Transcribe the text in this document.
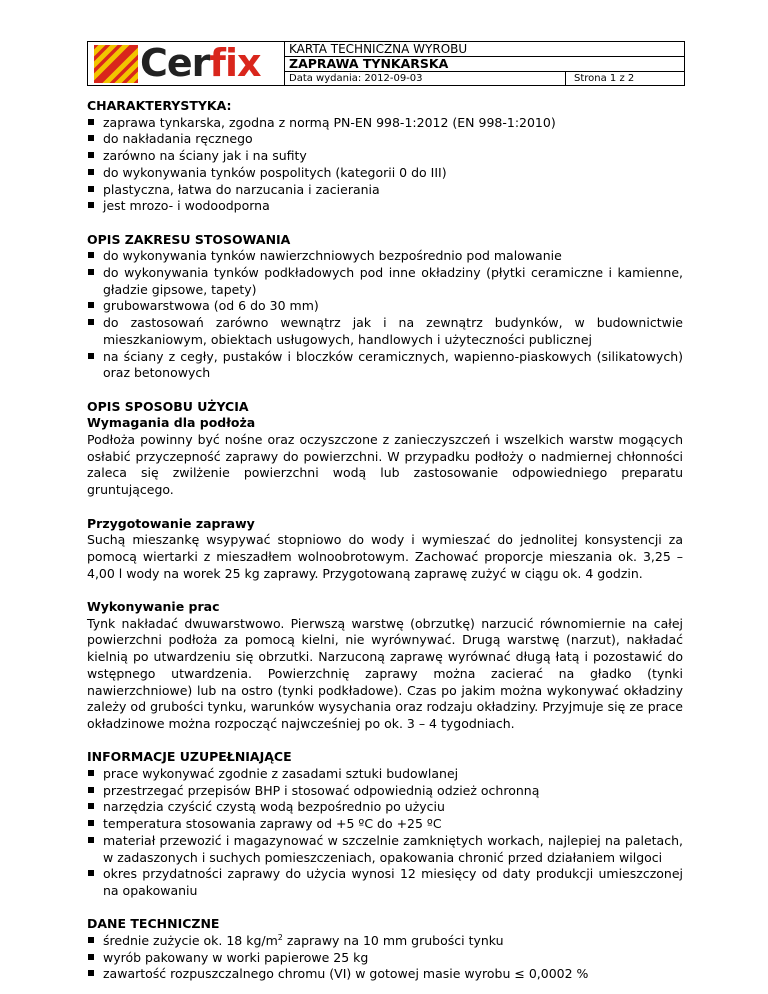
Cerfix	KARTA TECHNICZNA WYROBU
ZAPRAWA TYNKARSKA
Data wydania: 2012-09-03	Strona 1 z 2
CHARAKTERYSTYKA:
zaprawa tynkarska, zgodna z normą PN-EN 998-1:2012 (EN 998-1:2010)
do nakładania ręcznego
zarówno na ściany jak i na sufity
do wykonywania tynków pospolitych (kategorii 0 do III)
plastyczna, łatwa do narzucania i zacierania
jest mrozo- i wodoodporna
OPIS ZAKRESU STOSOWANIA
do wykonywania tynków nawierzchniowych bezpośrednio pod malowanie
do wykonywania tynków podkładowych pod inne okładziny (płytki ceramiczne i kamienne, gładzie gipsowe, tapety)
grubowarstwowa (od 6 do 30 mm)
do zastosowań zarówno wewnątrz jak i na zewnątrz budynków, w budownictwie mieszkaniowym, obiektach usługowych, handlowych i użyteczności publicznej
na ściany z cegły, pustaków i bloczków ceramicznych, wapienno-piaskowych (silikatowych) oraz betonowych
OPIS SPOSOBU UŻYCIA
Wymagania dla podłoża

Podłoża powinny być nośne oraz oczyszczone z zanieczyszczeń i wszelkich warstw mogących osłabić przyczepność zaprawy do powierzchni. W przypadku podłoży o nadmiernej chłonności zaleca się zwilżenie powierzchni wodą lub zastosowanie odpowiedniego preparatu gruntującego.

Przygotowanie zaprawy

Suchą mieszankę wsypywać stopniowo do wody i wymieszać do jednolitej konsystencji za pomocą wiertarki z mieszadłem wolnoobrotowym. Zachować proporcje mieszania ok. 3,25 – 4,00 l wody na worek 25 kg zaprawy. Przygotowaną zaprawę zużyć w ciągu ok. 4 godzin.

Wykonywanie prac

Tynk nakładać dwuwarstwowo. Pierwszą warstwę (obrzutkę) narzucić równomiernie na całej powierzchni podłoża za pomocą kielni, nie wyrównywać. Drugą warstwę (narzut), nakładać kielnią po utwardzeniu się obrzutki. Narzuconą zaprawę wyrównać długą łatą i pozostawić do wstępnego utwardzenia. Powierzchnię zaprawy można zacierać na gładko (tynki nawierzchniowe) lub na ostro (tynki podkładowe). Czas po jakim można wykonywać okładziny zależy od grubości tynku, warunków wysychania oraz rodzaju okładziny. Przyjmuje się ze prace okładzinowe można rozpocząć najwcześniej po ok. 3 – 4 tygodniach.

INFORMACJE UZUPEŁNIAJĄCE
prace wykonywać zgodnie z zasadami sztuki budowlanej
przestrzegać przepisów BHP i stosować odpowiednią odzież ochronną
narzędzia czyścić czystą wodą bezpośrednio po użyciu
temperatura stosowania zaprawy od +5 ºC do +25 ºC
materiał przewozić i magazynować w szczelnie zamkniętych workach, najlepiej na paletach, w zadaszonych i suchych pomieszczeniach, opakowania chronić przed działaniem wilgoci
okres przydatności zaprawy do użycia wynosi 12 miesięcy od daty produkcji umieszczonej na opakowaniu
DANE TECHNICZNE
średnie zużycie ok. 18 $kg/m^2$ zaprawy na 10 mm grubości tynku
wyrób pakowany w worki papierowe 25 kg
zawartość rozpuszczalnego chromu (VI) w gotowej masie wyrobu ≤ 0,0002 %
